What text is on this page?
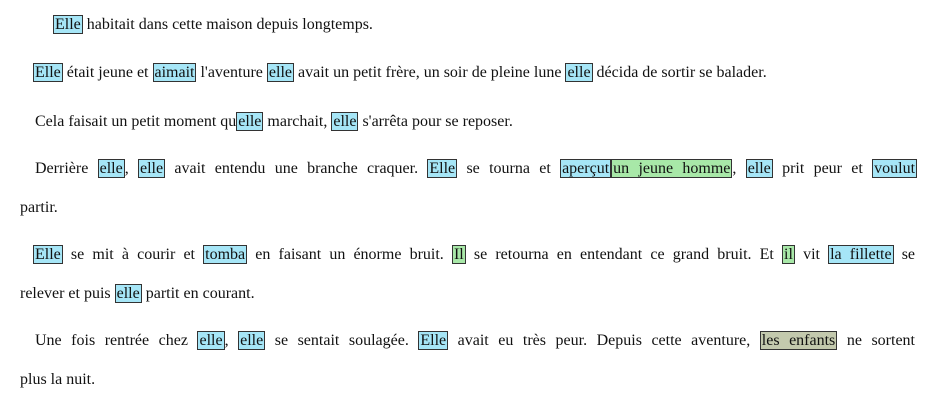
Elle habitait dans cette maison depuis longtemps.
Elle était jeune et aimait l'aventure elle avait un petit frère, un soir de pleine lune elle décida de sortir se balader.
Cela faisait un petit moment qu elle marchait, elle s'arrêta pour se reposer.
Derrière elle , elle avait entendu une branche craquer. Elle se tourna et aperçut un jeune homme , elle prit peur et voulut
partir.
Elle se mit à courir et tomba en faisant un énorme bruit. Il se retourna en entendant ce grand bruit. Et il vit la fillette se
relever et puis elle partit en courant.
Une fois rentrée chez elle , elle se sentait soulagée. Elle avait eu très peur. Depuis cette aventure, les enfants ne sortent
plus la nuit.
